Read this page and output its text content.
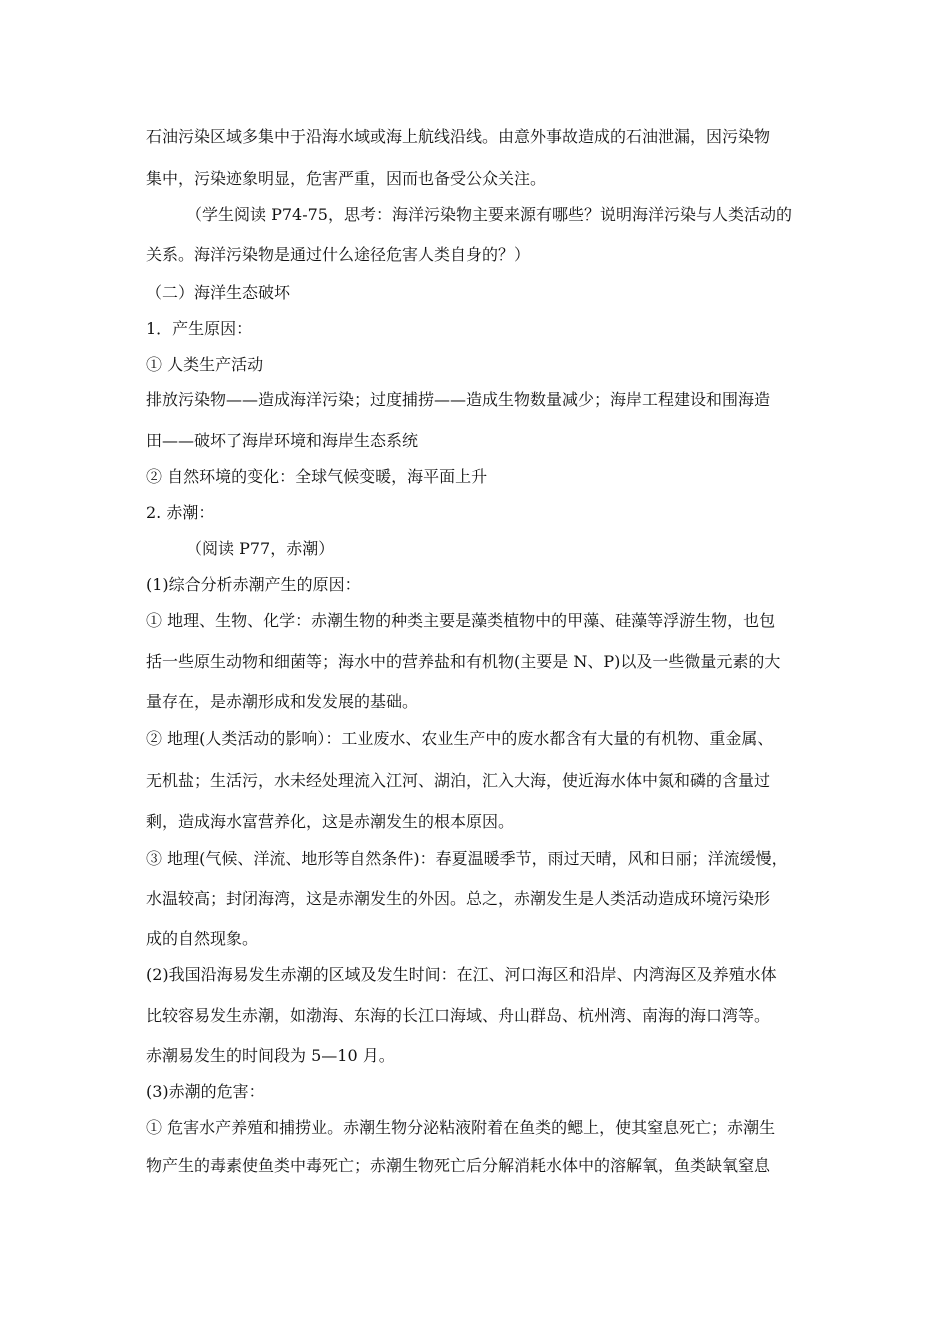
石油污染区域多集中于沿海水域或海上航线沿线。由意外事故造成的石油泄漏，因污染物
集中，污染迹象明显，危害严重，因而也备受公众关注。
（学生阅读 P74-75，思考：海洋污染物主要来源有哪些？说明海洋污染与人类活动的
关系。海洋污染物是通过什么途径危害人类自身的？）
（二）海洋生态破坏
1．产生原因：
① 人类生产活动
排放污染物——造成海洋污染；过度捕捞——造成生物数量减少；海岸工程建设和围海造
田——破坏了海岸环境和海岸生态系统
② 自然环境的变化：全球气候变暖，海平面上升
2. 赤潮：
（阅读 P77，赤潮）
(1)综合分析赤潮产生的原因：
① 地理、生物、化学：赤潮生物的种类主要是藻类植物中的甲藻、硅藻等浮游生物，也包
括一些原生动物和细菌等；海水中的营养盐和有机物(主要是 N、P)以及一些微量元素的大
量存在，是赤潮形成和发发展的基础。
② 地理(人类活动的影响）：工业废水、农业生产中的废水都含有大量的有机物、重金属、
无机盐；生活污，水未经处理流入江河、湖泊，汇入大海，使近海水体中氮和磷的含量过
剩，造成海水富营养化，这是赤潮发生的根本原因。
③ 地理(气候、洋流、地形等自然条件)：春夏温暖季节，雨过天晴，风和日丽；洋流缓慢，
水温较高；封闭海湾，这是赤潮发生的外因。总之，赤潮发生是人类活动造成环境污染形
成的自然现象。
(2)我国沿海易发生赤潮的区域及发生时间：在江、河口海区和沿岸、内湾海区及养殖水体
比较容易发生赤潮，如渤海、东海的长江口海域、舟山群岛、杭州湾、南海的海口湾等。
赤潮易发生的时间段为 5—10 月。
(3)赤潮的危害：
① 危害水产养殖和捕捞业。赤潮生物分泌粘液附着在鱼类的鳃上，使其窒息死亡；赤潮生
物产生的毒素使鱼类中毒死亡；赤潮生物死亡后分解消耗水体中的溶解氧，鱼类缺氧窒息
